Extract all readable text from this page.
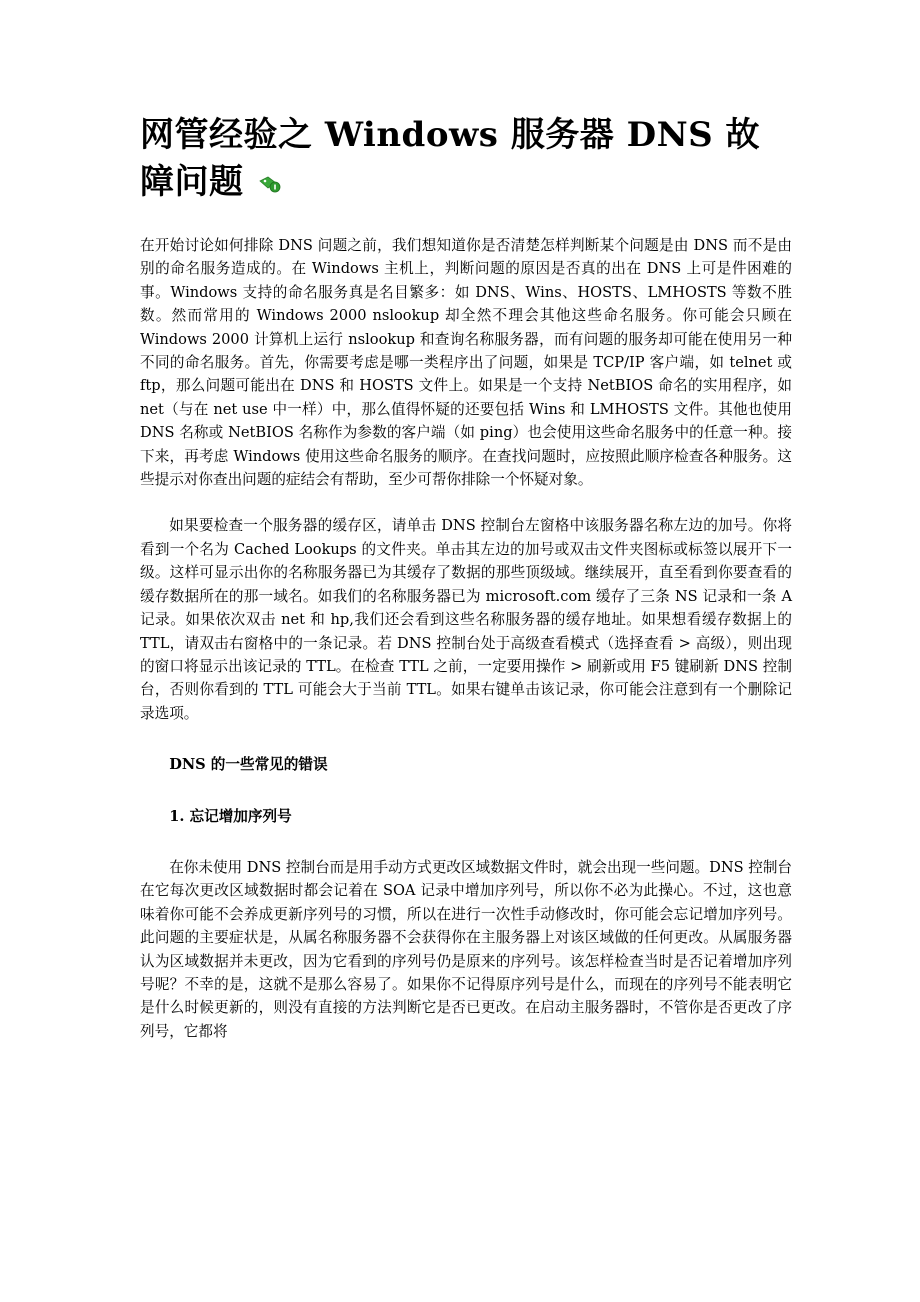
网管经验之 Windows 服务器 DNS 故障问题

在开始讨论如何排除 DNS 问题之前，我们想知道你是否清楚怎样判断某个问题是由 DNS 而不是由别的命名服务造成的。在 Windows 主机上，判断问题的原因是否真的出在 DNS 上可是件困难的事。Windows 支持的命名服务真是名目繁多：如 DNS、Wins、HOSTS、LMHOSTS 等数不胜数。然而常用的 Windows 2000 nslookup 却全然不理会其他这些命名服务。你可能会只顾在 Windows 2000 计算机上运行 nslookup 和查询名称服务器，而有问题的服务却可能在使用另一种不同的命名服务。首先，你需要考虑是哪一类程序出了问题，如果是 TCP/IP 客户端，如 telnet 或 ftp，那么问题可能出在 DNS 和 HOSTS 文件上。如果是一个支持 NetBIOS 命名的实用程序，如 net（与在 net use 中一样）中，那么值得怀疑的还要包括 Wins 和 LMHOSTS 文件。其他也使用 DNS 名称或 NetBIOS 名称作为参数的客户端（如 ping）也会使用这些命名服务中的任意一种。接下来，再考虑 Windows 使用这些命名服务的顺序。在查找问题时，应按照此顺序检查各种服务。这些提示对你查出问题的症结会有帮助，至少可帮你排除一个怀疑对象。

如果要检查一个服务器的缓存区，请单击 DNS 控制台左窗格中该服务器名称左边的加号。你将看到一个名为 Cached Lookups 的文件夹。单击其左边的加号或双击文件夹图标或标签以展开下一级。这样可显示出你的名称服务器已为其缓存了数据的那些顶级域。继续展开，直至看到你要查看的缓存数据所在的那一域名。如我们的名称服务器已为 microsoft.com 缓存了三条 NS 记录和一条 A 记录。如果依次双击 net 和 hp,我们还会看到这些名称服务器的缓存地址。如果想看缓存数据上的 TTL，请双击右窗格中的一条记录。若 DNS 控制台处于高级查看模式（选择查看 > 高级），则出现的窗口将显示出该记录的 TTL。在检查 TTL 之前，一定要用操作 > 刷新或用 F5 键刷新 DNS 控制台，否则你看到的 TTL 可能会大于当前 TTL。如果右键单击该记录，你可能会注意到有一个删除记录选项。

DNS 的一些常见的错误

1. 忘记增加序列号

在你未使用 DNS 控制台而是用手动方式更改区域数据文件时，就会出现一些问题。DNS 控制台在它每次更改区域数据时都会记着在 SOA 记录中增加序列号，所以你不必为此操心。不过，这也意味着你可能不会养成更新序列号的习惯，所以在进行一次性手动修改时，你可能会忘记增加序列号。此问题的主要症状是，从属名称服务器不会获得你在主服务器上对该区域做的任何更改。从属服务器认为区域数据并未更改，因为它看到的序列号仍是原来的序列号。该怎样检查当时是否记着增加序列号呢？不幸的是，这就不是那么容易了。如果你不记得原序列号是什么，而现在的序列号不能表明它是什么时候更新的，则没有直接的方法判断它是否已更改。在启动主服务器时，不管你是否更改了序列号，它都将
